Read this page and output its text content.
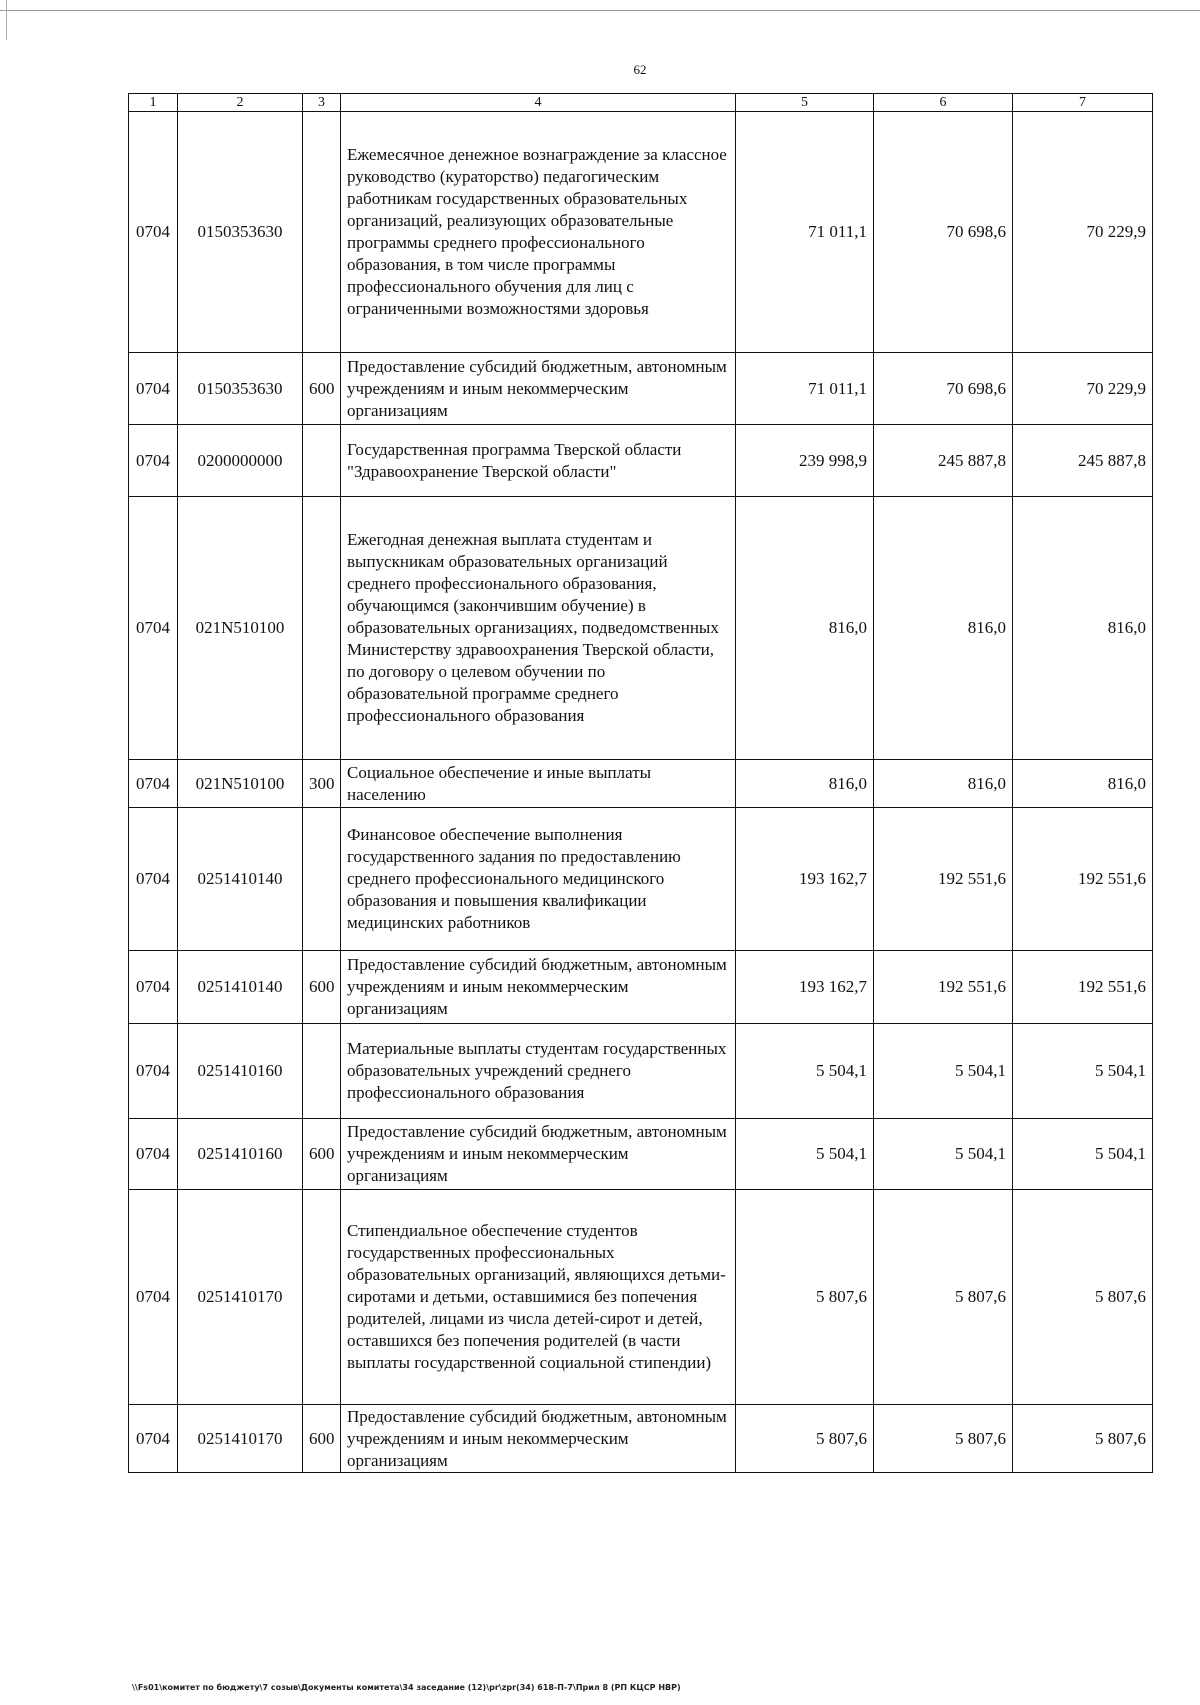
62
1	2	3	4	5	6	7
0704	0150353630		Ежемесячное денежное вознаграждение за классное руководство (кураторство) педагогическим работникам государственных образовательных организаций, реализующих образовательные программы среднего профессионального образования, в том числе программы профессионального обучения для лиц с ограниченными возможностями здоровья	71 011,1	70 698,6	70 229,9
0704	0150353630	600	Предоставление субсидий бюджетным, автономным учреждениям и иным некоммерческим организациям	71 011,1	70 698,6	70 229,9
0704	0200000000		Государственная программа Тверской области "Здравоохранение Тверской области"	239 998,9	245 887,8	245 887,8
0704	021N510100		Ежегодная денежная выплата студентам и выпускникам образовательных организаций среднего профессионального образования, обучающимся (закончившим обучение) в образовательных организациях, подведомственных Министерству здравоохранения Тверской области, по договору о целевом обучении по образовательной программе среднего профессионального образования	816,0	816,0	816,0
0704	021N510100	300	Социальное обеспечение и иные выплаты населению	816,0	816,0	816,0
0704	0251410140		Финансовое обеспечение выполнения государственного задания по предоставлению среднего профессионального медицинского образования и повышения квалификации медицинских работников	193 162,7	192 551,6	192 551,6
0704	0251410140	600	Предоставление субсидий бюджетным, автономным учреждениям и иным некоммерческим организациям	193 162,7	192 551,6	192 551,6
0704	0251410160		Материальные выплаты студентам государственных образовательных учреждений среднего профессионального образования	5 504,1	5 504,1	5 504,1
0704	0251410160	600	Предоставление субсидий бюджетным, автономным учреждениям и иным некоммерческим организациям	5 504,1	5 504,1	5 504,1
0704	0251410170		Стипендиальное обеспечение студентов государственных профессиональных образовательных организаций, являющихся детьми-сиротами и детьми, оставшимися без попечения родителей, лицами из числа детей-сирот и детей, оставшихся без попечения родителей (в части выплаты государственной социальной стипендии)	5 807,6	5 807,6	5 807,6
0704	0251410170	600	Предоставление субсидий бюджетным, автономным учреждениям и иным некоммерческим организациям	5 807,6	5 807,6	5 807,6
\\Fs01\комитет по бюджету\7 созыв\Документы комитета\34 заседание (12)\pr\zpr(34) 618-П-7\Прил 8 (РП КЦСР НВР)
